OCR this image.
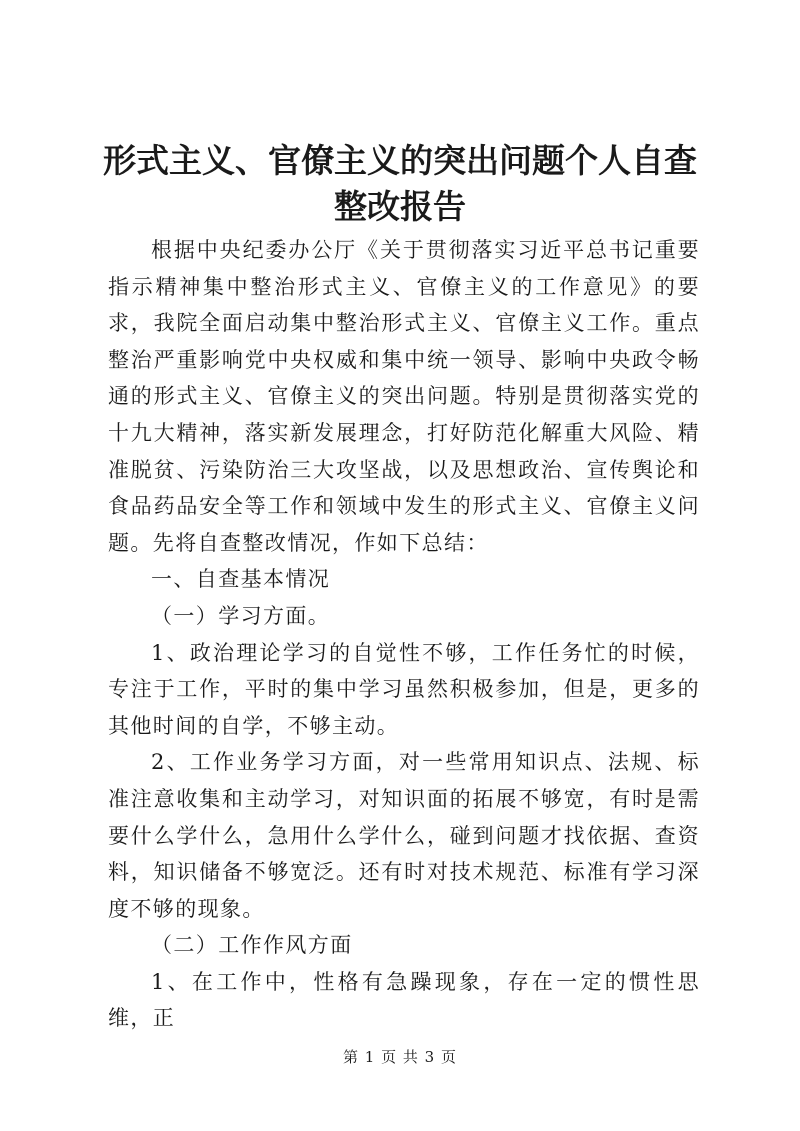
形式主义、官僚主义的突出问题个人自查整改报告

根据中央纪委办公厅《关于贯彻落实习近平总书记重要指示精神集中整治形式主义、官僚主义的工作意见》的要求，我院全面启动集中整治形式主义、官僚主义工作。重点整治严重影响党中央权威和集中统一领导、影响中央政令畅通的形式主义、官僚主义的突出问题。特别是贯彻落实党的十九大精神，落实新发展理念，打好防范化解重大风险、精准脱贫、污染防治三大攻坚战，以及思想政治、宣传舆论和食品药品安全等工作和领域中发生的形式主义、官僚主义问题。先将自查整改情况，作如下总结：

一、自查基本情况

（一）学习方面。

1、政治理论学习的自觉性不够，工作任务忙的时候，专注于工作，平时的集中学习虽然积极参加，但是，更多的其他时间的自学，不够主动。

2、工作业务学习方面，对一些常用知识点、法规、标准注意收集和主动学习，对知识面的拓展不够宽，有时是需要什么学什么，急用什么学什么，碰到问题才找依据、查资料，知识储备不够宽泛。还有时对技术规范、标准有学习深度不够的现象。

（二）工作作风方面

1、在工作中，性格有急躁现象，存在一定的惯性思维，正

第 1 页 共 3 页
